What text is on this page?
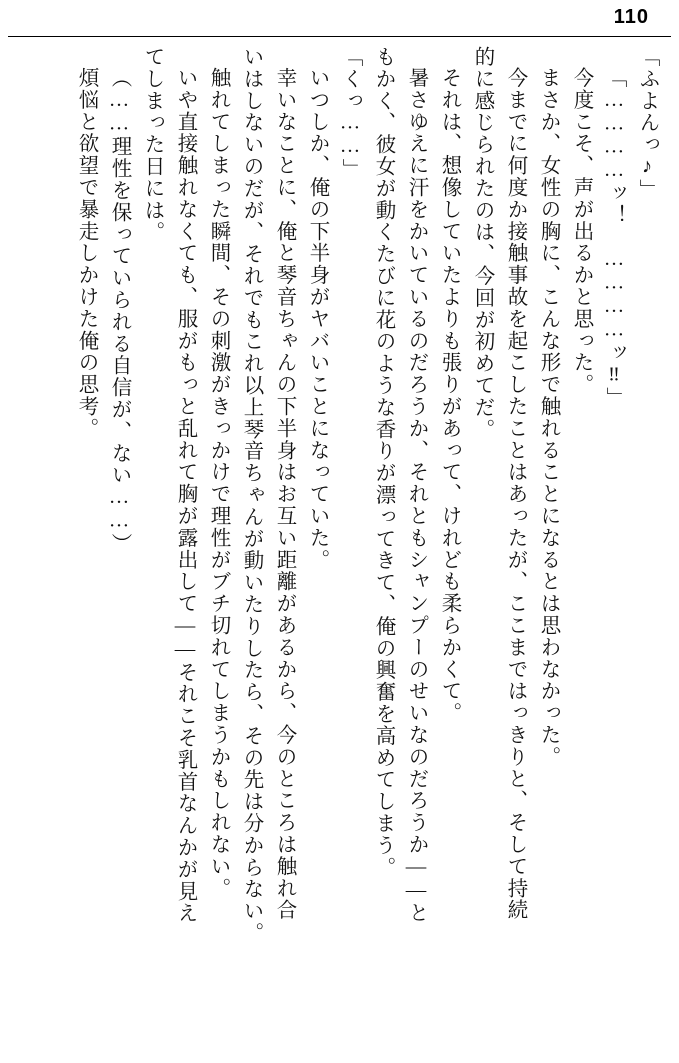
110
「ふよんっ♪」
「…………ッ！　…………ッ‼」
今度こそ、声が出るかと思った。
まさか、女性の胸に、こんな形で触れることになるとは思わなかった。
今までに何度か接触事故を起こしたことはあったが、ここまではっきりと、そして持続
的に感じられたのは、今回が初めてだ。
それは、想像していたよりも張りがあって、けれども柔らかくて。
暑さゆえに汗をかいているのだろうか、それともシャンプーのせいなのだろうか――と
もかく、彼女が動くたびに花のような香りが漂ってきて、俺の興奮を高めてしまう。
「くっ……」
いつしか、俺の下半身がヤバいことになっていた。
幸いなことに、俺と琴音ちゃんの下半身はお互い距離があるから、今のところは触れ合
いはしないのだが、それでもこれ以上琴音ちゃんが動いたりしたら、その先は分からない。
触れてしまった瞬間、その刺激がきっかけで理性がブチ切れてしまうかもしれない。
いや直接触れなくても、服がもっと乱れて胸が露出して――それこそ乳首なんかが見え
てしまった日には。
（……理性を保っていられる自信が、ない……）
煩悩と欲望で暴走しかけた俺の思考。
